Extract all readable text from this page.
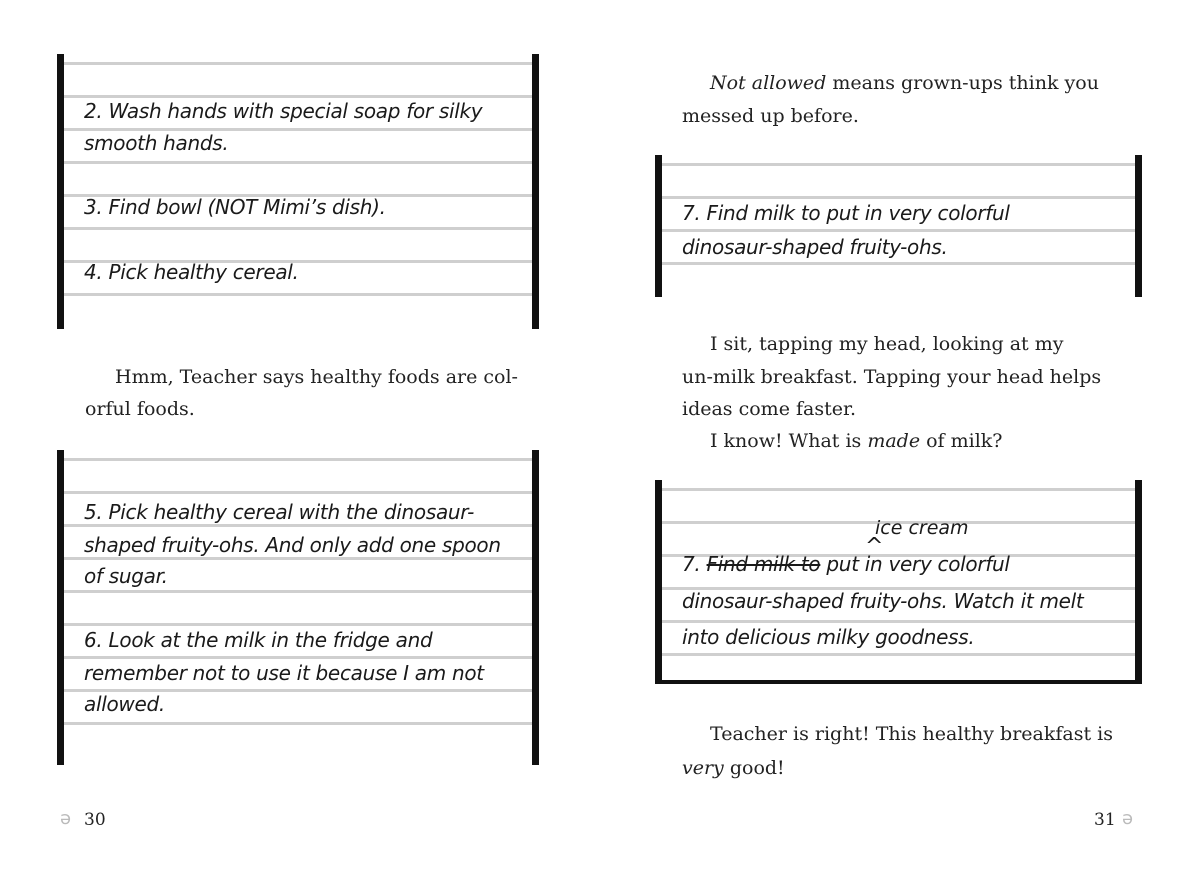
2. Wash hands with special soap for silky
smooth hands.
3. Find bowl (NOT Mimi’s dish).
4. Pick healthy cereal.
Hmm, Teacher says healthy foods are col-
orful foods.
5. Pick healthy cereal with the dinosaur-
shaped fruity-ohs. And only add one spoon
of sugar.
6. Look at the milk in the fridge and
remember not to use it because I am not
allowed.
ə 30
Not allowed means grown-ups think you
messed up before.
7. Find milk to put in very colorful
dinosaur-shaped fruity-ohs.
I sit, tapping my head, looking at my
un-milk breakfast. Tapping your head helps
ideas come faster.
I know! What is made of milk?
ice cream
^
7. Find milk to put in very colorful
dinosaur-shaped fruity-ohs. Watch it melt
into delicious milky goodness.
Teacher is right! This healthy breakfast is
very good!
31 ə
